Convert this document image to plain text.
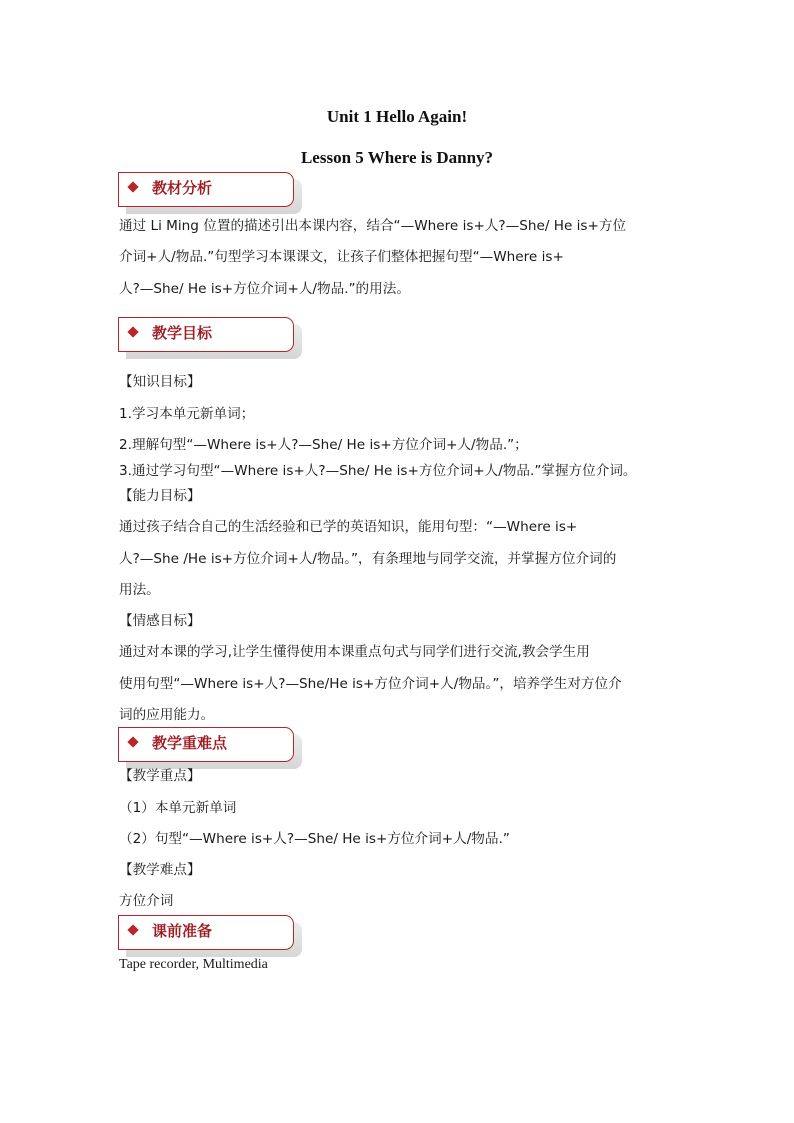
Unit 1 Hello Again!
Lesson 5 Where is Danny?
教材分析
通过 Li Ming 位置的描述引出本课内容，结合“—Where is+人?—She/ He is+方位
介词+人/物品.”句型学习本课课文，让孩子们整体把握句型“—Where is+
人?—She/ He is+方位介词+人/物品.”的用法。
教学目标
【知识目标】
1.学习本单元新单词；
2.理解句型“—Where is+人?—She/ He is+方位介词+人/物品.”；
3.通过学习句型“—Where is+人?—She/ He is+方位介词+人/物品.”掌握方位介词。
【能力目标】
通过孩子结合自己的生活经验和已学的英语知识，能用句型：“—Where is+
人?—She /He is+方位介词+人/物品。”，有条理地与同学交流，并掌握方位介词的
用法。
【情感目标】
通过对本课的学习,让学生懂得使用本课重点句式与同学们进行交流,教会学生用
使用句型“—Where is+人?—She/He is+方位介词+人/物品。”，培养学生对方位介
词的应用能力。
教学重难点
【教学重点】
（1）本单元新单词
（2）句型“—Where is+人?—She/ He is+方位介词+人/物品.”
【教学难点】
方位介词
课前准备
Tape recorder, Multimedia
